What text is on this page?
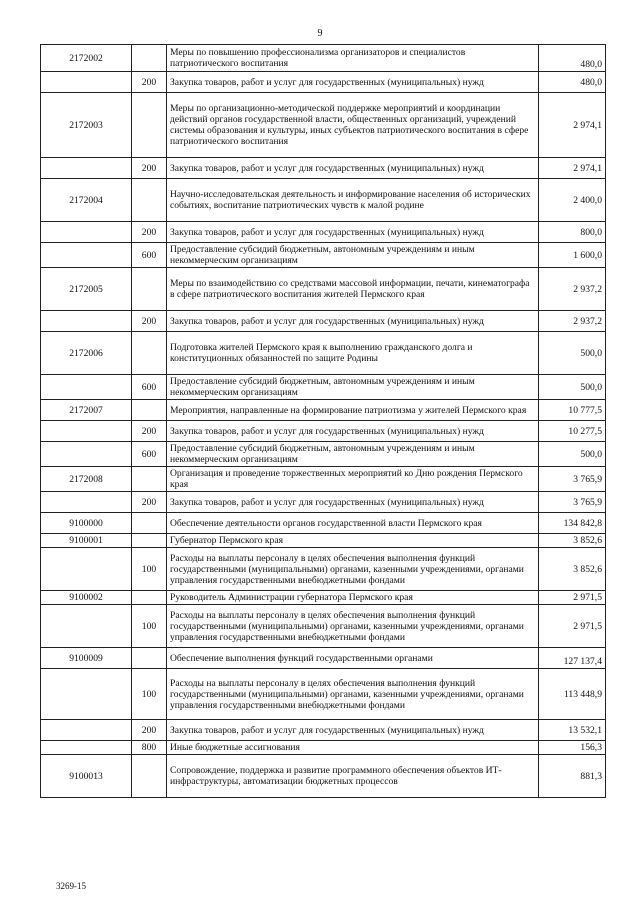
9
2172002		Меры по повышению профессионализма организаторов и специалистов патриотического воспитания	480,0
	200	Закупка товаров, работ и услуг для государственных (муниципальных) нужд	480,0
2172003		Меры по организационно-методической поддержке мероприятий и координации действий органов государственной власти, общественных организаций, учреждений системы образования и культуры, иных субъектов патриотического воспитания в сфере патриотического воспитания	2 974,1
	200	Закупка товаров, работ и услуг для государственных (муниципальных) нужд	2 974,1
2172004		Научно-исследовательская деятельность и информирование населения об исторических событиях, воспитание патриотических чувств к малой родине	2 400,0
	200	Закупка товаров, работ и услуг для государственных (муниципальных) нужд	800,0
	600	Предоставление субсидий бюджетным, автономным учреждениям и иным некоммерческим организациям	1 600,0
2172005		Меры по взаимодействию со средствами массовой информации, печати, кинематографа в сфере патриотического воспитания жителей Пермского края	2 937,2
	200	Закупка товаров, работ и услуг для государственных (муниципальных) нужд	2 937,2
2172006		Подготовка жителей Пермского края к выполнению гражданского долга и конституционных обязанностей по защите Родины	500,0
	600	Предоставление субсидий бюджетным, автономным учреждениям и иным некоммерческим организациям	500,0
2172007		Мероприятия, направленные на формирование патриотизма у жителей Пермского края	10 777,5
	200	Закупка товаров, работ и услуг для государственных (муниципальных) нужд	10 277,5
	600	Предоставление субсидий бюджетным, автономным учреждениям и иным некоммерческим организациям	500,0
2172008		Организация и проведение торжественных мероприятий ко Дню рождения Пермского края	3 765,9
	200	Закупка товаров, работ и услуг для государственных (муниципальных) нужд	3 765,9
9100000		Обеспечение деятельности органов государственной власти Пермского края	134 842,8
9100001		Губернатор Пермского края	3 852,6
	100	Расходы на выплаты персоналу в целях обеспечения выполнения функций государственными (муниципальными) органами, казенными учреждениями, органами управления государственными внебюджетными фондами	3 852,6
9100002		Руководитель Администрации губернатора Пермского края	2 971,5
	100	Расходы на выплаты персоналу в целях обеспечения выполнения функций государственными (муниципальными) органами, казенными учреждениями, органами управления государственными внебюджетными фондами	2 971,5
9100009		Обеспечение выполнения функций государственными органами	127 137,4
	100	Расходы на выплаты персоналу в целях обеспечения выполнения функций государственными (муниципальными) органами, казенными учреждениями, органами управления государственными внебюджетными фондами	113 448,9
	200	Закупка товаров, работ и услуг для государственных (муниципальных) нужд	13 532,1
	800	Иные бюджетные ассигнования	156,3
9100013		Сопровождение, поддержка и развитие программного обеспечения объектов ИТ-инфраструктуры, автоматизации бюджетных процессов	881,3
3269-15
